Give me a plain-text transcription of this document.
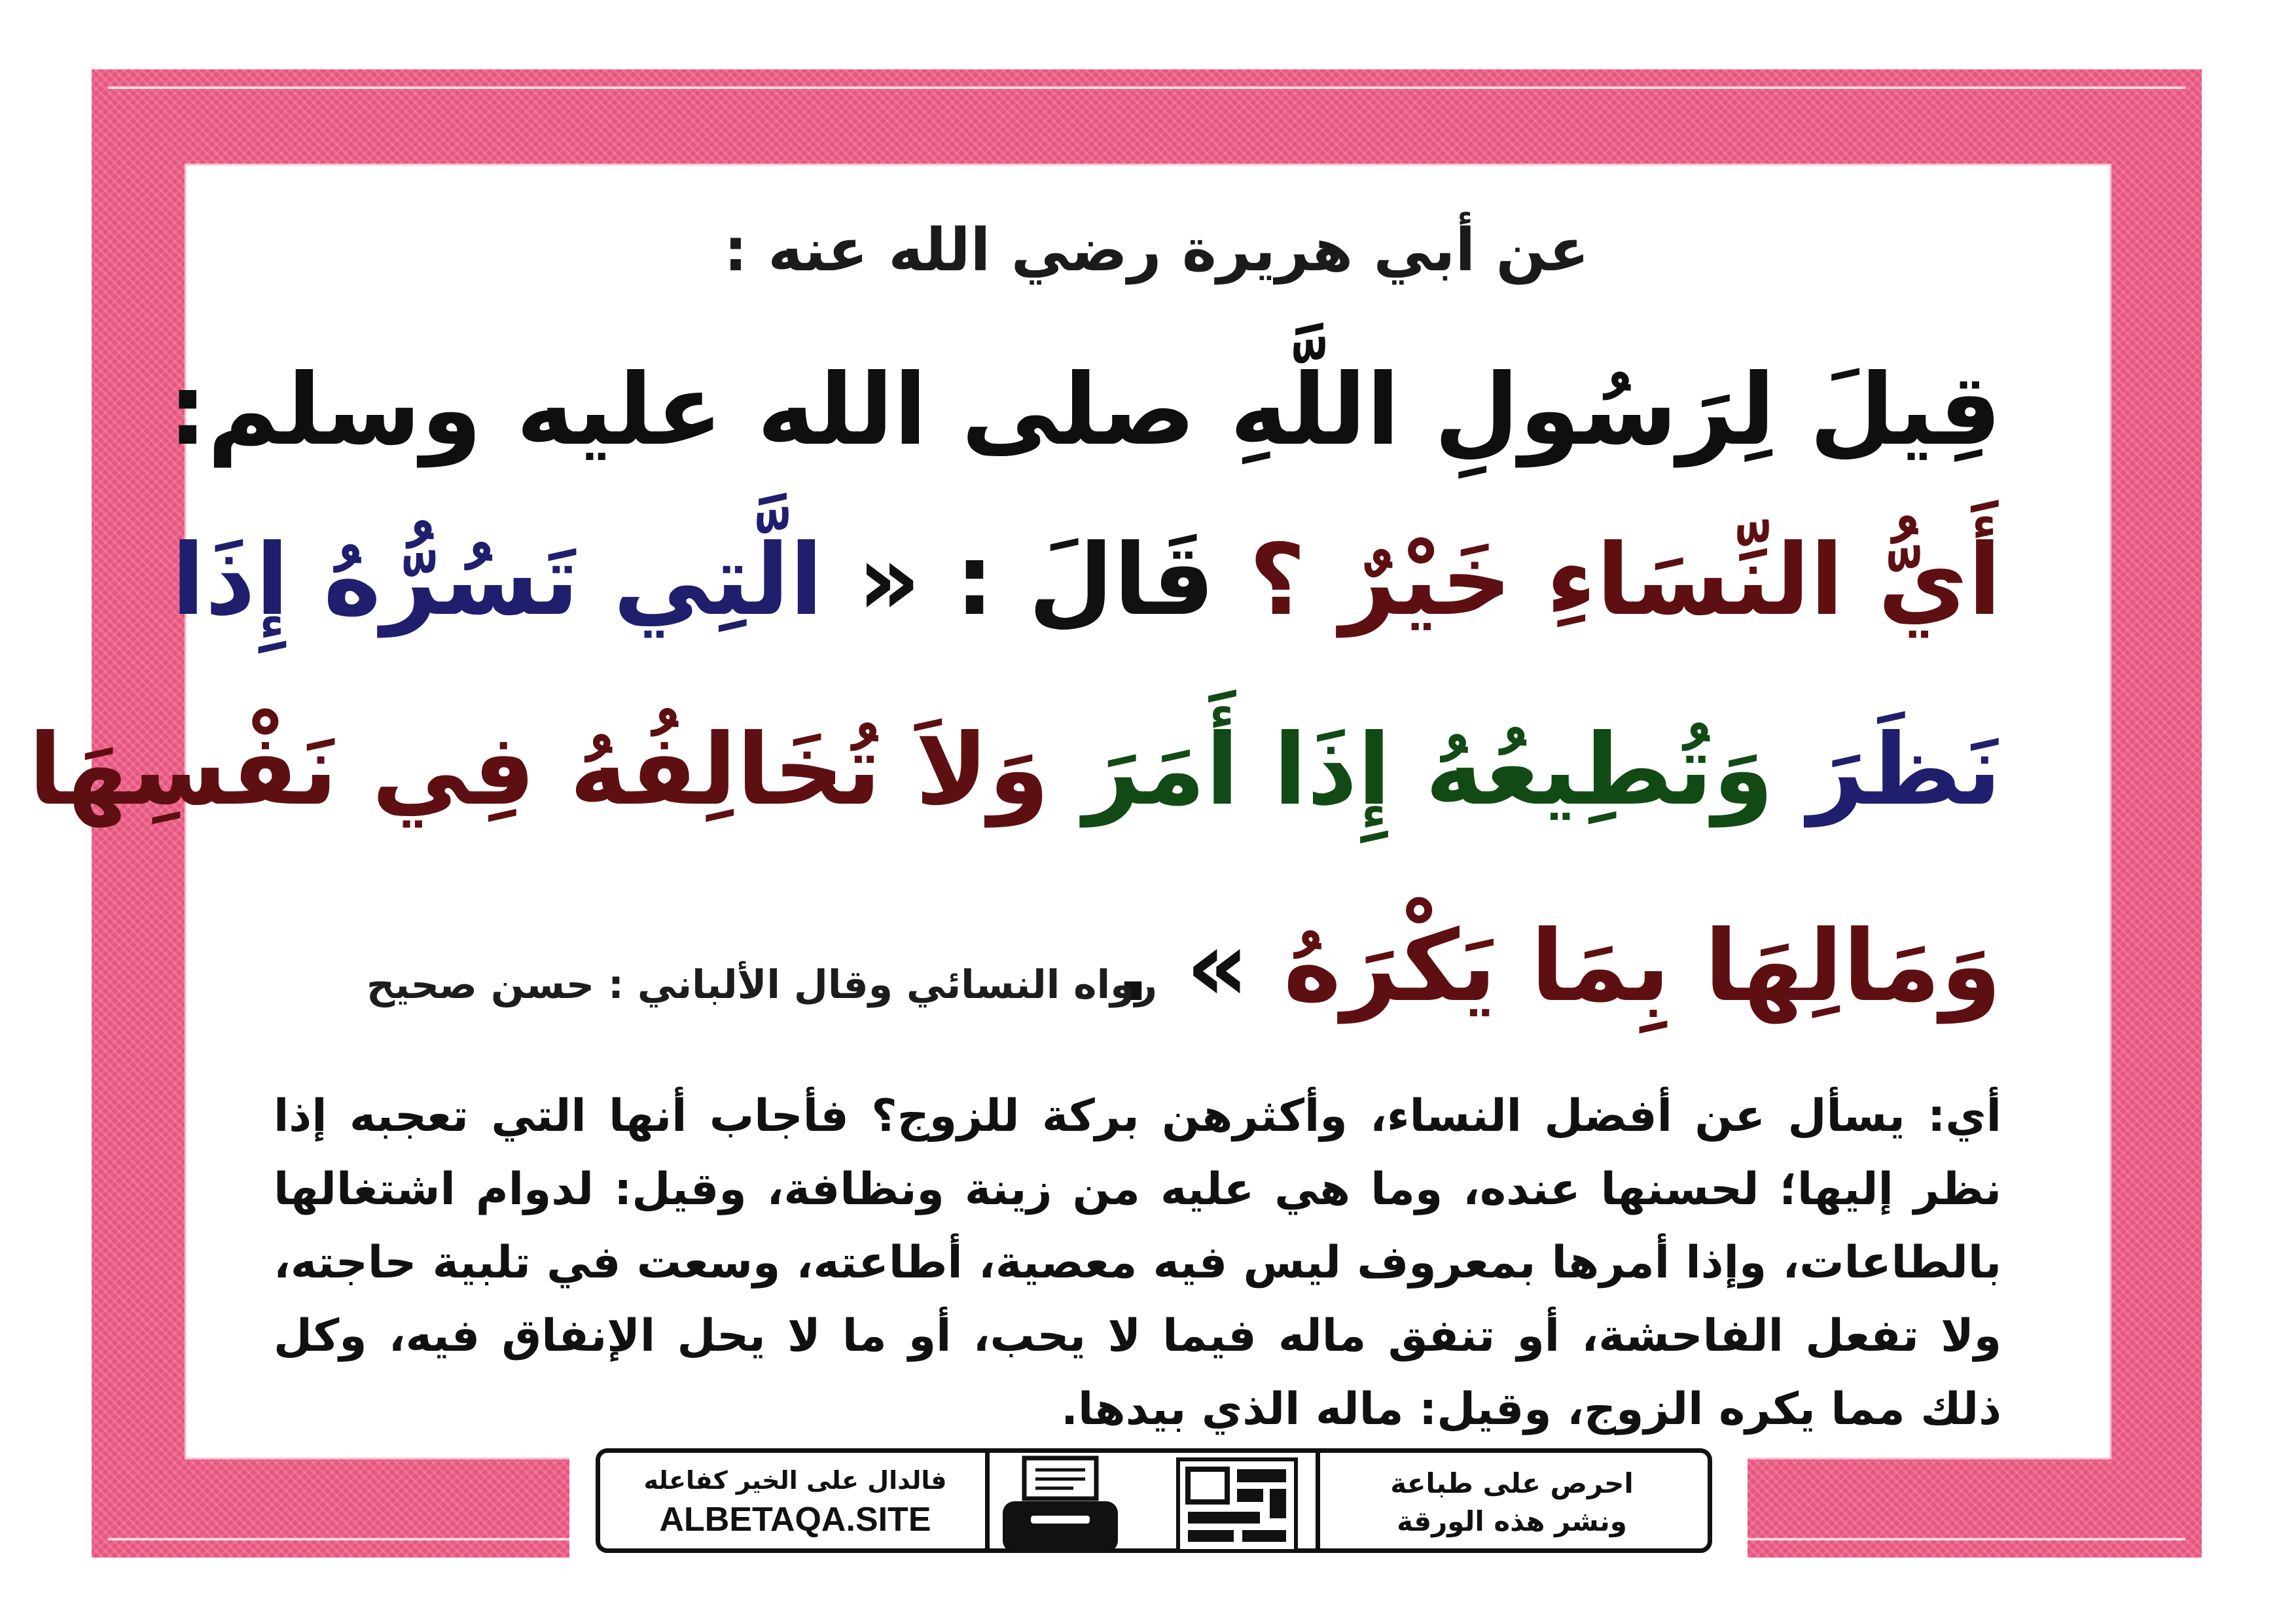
عن أبي هريرة رضي الله عنه :
قِيلَ لِرَسُولِ اللَّهِ صلى الله عليه وسلم:
أَيُّ النِّسَاءِ خَيْرٌ ؟ قَالَ : « الَّتِي تَسُرُّهُ إِذَا
نَظَرَ وَتُطِيعُهُ إِذَا أَمَرَ وَلاَ تُخَالِفُهُ فِي نَفْسِهَا
وَمَالِهَا بِمَا يَكْرَهُ » .
رواه النسائي وقال الألباني : حسن صحيح
أي: يسأل عن أفضل النساء، وأكثرهن بركة للزوج؟ فأجاب أنها التي تعجبه إذا نظر إليها؛ لحسنها عنده، وما هي عليه من زينة ونظافة، وقيل: لدوام اشتغالها بالطاعات، وإذا أمرها بمعروف ليس فيه معصية، أطاعته، وسعت في تلبية حاجته، ولا تفعل الفاحشة، أو تنفق ماله فيما لا يحب، أو ما لا يحل الإنفاق فيه، وكل ذلك مما يكره الزوج، وقيل: ماله الذي بيدها.
فالدال على الخير كفاعله
ALBETAQA.SITE
احرص على طباعة
ونشر هذه الورقة
